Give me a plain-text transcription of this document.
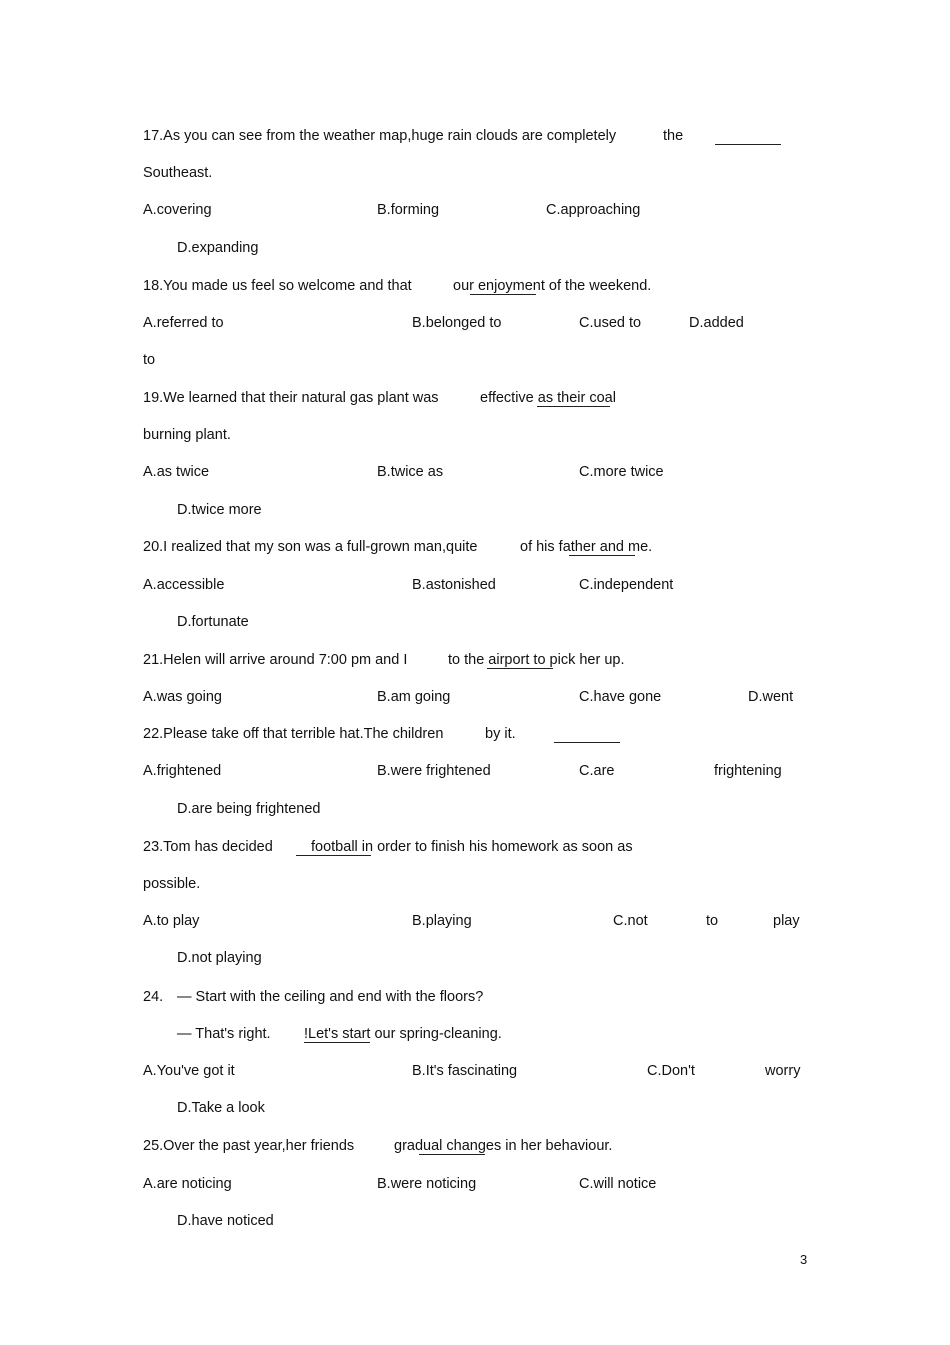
17.As you can see from the weather map,huge rain clouds are completely	the
Southeast.
A.covering	B.forming	C.approaching
D.expanding
18.You made us feel so welcome and that	our enjoyment of the weekend.
A.referred to	B.belonged to	C.used to	D.added
to
19.We learned that their natural gas plant was	effective as their coal
burning plant.
A.as twice	B.twice as	C.more twice
D.twice more
20.I realized that my son was a full-grown man,quite	of his father and me.
A.accessible	B.astonished	C.independent
D.fortunate
21.Helen will arrive around 7:00 pm and I	to the airport to pick her up.
A.was going	B.am going	C.have gone	D.went
22.Please take off that terrible hat.The children	by it.
A.frightened	B.were frightened	C.are	frightening
D.are being frightened
23.Tom has decided	football in order to finish his homework as soon as
possible.
A.to play	B.playing	C.not	to	play
D.not playing
24. — Start with the ceiling and end with the floors?
— That's right. !Let's start our spring-cleaning.
A.You've got it	B.It's fascinating	C.Don't	worry
D.Take a look
25.Over the past year,her friends	gradual changes in her behaviour.
A.are noticing	B.were noticing	C.will notice
D.have noticed
3
